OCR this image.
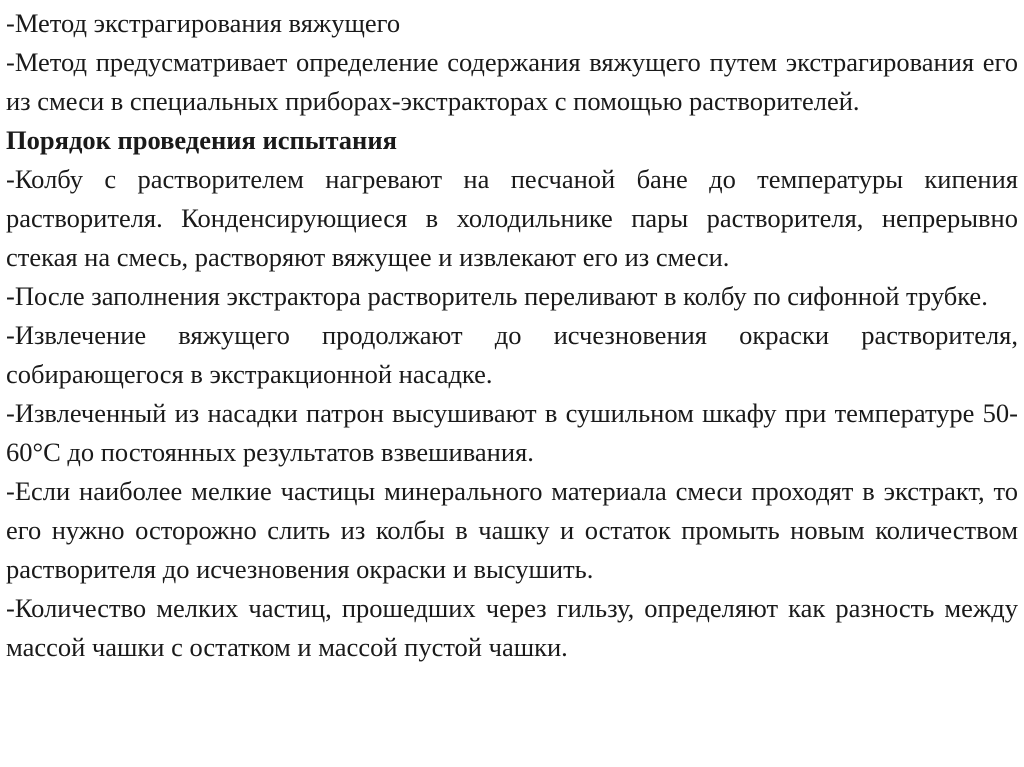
-Метод экстрагирования вяжущего

-Метод предусматривает определение содержания вяжущего путем экстрагирования его из смеси в специальных приборах-экстракторах с помощью растворителей.

Порядок проведения испытания

-Колбу с растворителем нагревают на песчаной бане до температуры кипения растворителя. Конденсирующиеся в холодильнике пары растворителя, непрерывно стекая на смесь, растворяют вяжущее и извлекают его из смеси.

-После заполнения экстрактора растворитель переливают в колбу по сифонной трубке.

-Извлечение вяжущего продолжают до исчезновения окраски растворителя, собирающегося в экстракционной насадке.

-Извлеченный из насадки патрон высушивают в сушильном шкафу при температуре 50-60°С до постоянных результатов взвешивания.

-Если наиболее мелкие частицы минерального материала смеси проходят в экстракт, то его нужно осторожно слить из колбы в чашку и остаток промыть новым количеством растворителя до исчезновения окраски и высушить.

-Количество мелких частиц, прошедших через гильзу, определяют как разность между массой чашки с остатком и массой пустой чашки.
